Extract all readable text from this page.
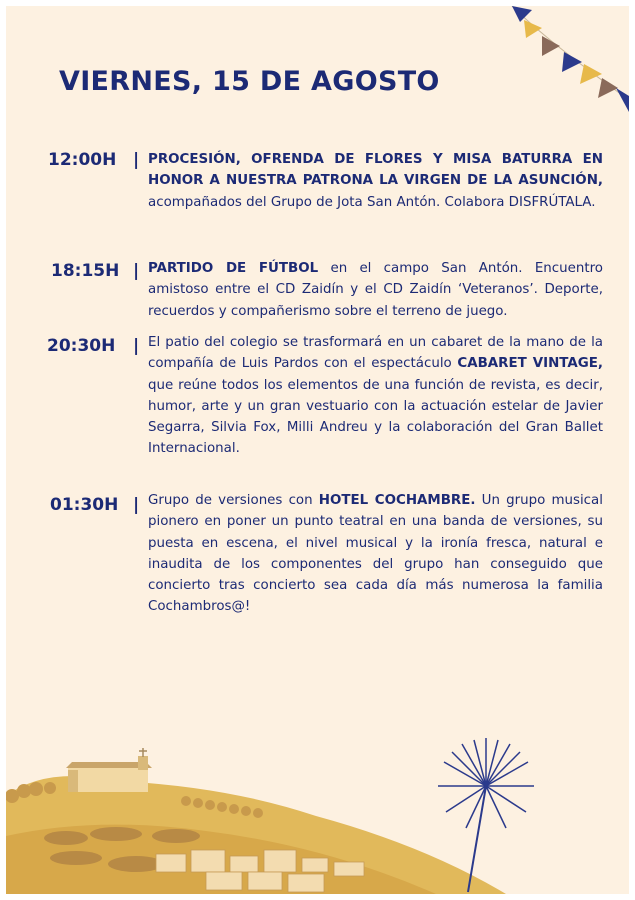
VIERNES, 15 DE AGOSTO
12:00H | PROCESIÓN, OFRENDA DE FLORES Y MISA BATURRA EN HONOR A NUESTRA PATRONA LA VIRGEN DE LA ASUNCIÓN, acompañados del Grupo de Jota San Antón. Colabora DISFRÚTALA.

18:15H | PARTIDO DE FÚTBOL en el campo San Antón. Encuentro amistoso entre el CD Zaidín y el CD Zaidín ‘Veteranos’. Deporte, recuerdos y compañerismo sobre el terreno de juego.

20:30H | El patio del colegio se trasformará en un cabaret de la mano de la compañía de Luis Pardos con el espectáculo CABARET VINTAGE, que reúne todos los elementos de una función de revista, es decir, humor, arte y un gran vestuario con la actuación estelar de Javier Segarra, Silvia Fox, Milli Andreu y la colaboración del Gran Ballet Internacional.

01:30H | Grupo de versiones con HOTEL COCHAMBRE. Un grupo musical pionero en poner un punto teatral en una banda de versiones, su puesta en escena, el nivel musical y la ironía fresca, natural e inaudita de los componentes del grupo han conseguido que concierto tras concierto sea cada día más numerosa la familia Cochambros@!
